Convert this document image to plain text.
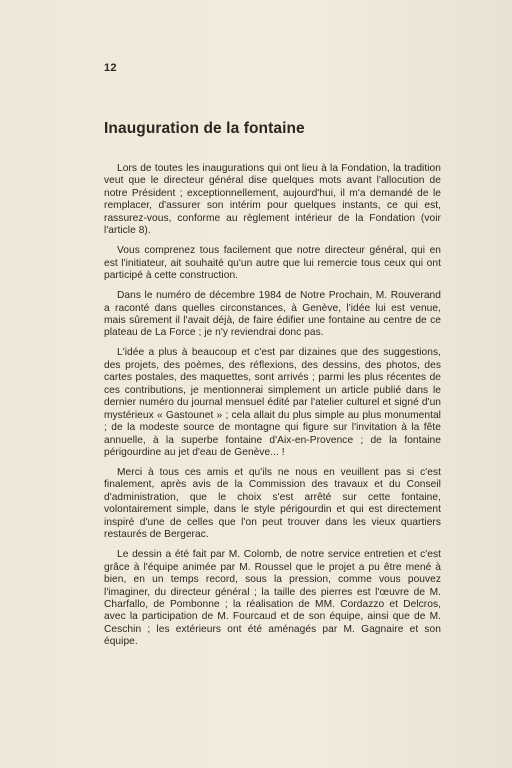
12
Inauguration de la fontaine

Lors de toutes les inaugurations qui ont lieu à la Fondation, la tradition veut que le directeur général dise quelques mots avant l'allocution de notre Président ; exceptionnellement, aujourd'hui, il m'a demandé de le remplacer, d'assurer son intérim pour quelques instants, ce qui est, rassurez-vous, conforme au règlement intérieur de la Fondation (voir l'article 8).

Vous comprenez tous facilement que notre directeur général, qui en est l'initiateur, ait souhaité qu'un autre que lui remercie tous ceux qui ont participé à cette construction.

Dans le numéro de décembre 1984 de Notre Prochain, M. Rouverand a raconté dans quelles circonstances, à Genève, l'idée lui est venue, mais sûrement il l'avait déjà, de faire édifier une fontaine au centre de ce plateau de La Force ; je n'y reviendrai donc pas.

L'idée a plus à beaucoup et c'est par dizaines que des suggestions, des projets, des poèmes, des réflexions, des dessins, des photos, des cartes postales, des maquettes, sont arrivés ; parmi les plus récentes de ces contributions, je mentionnerai simplement un article publié dans le dernier numéro du journal mensuel édité par l'atelier culturel et signé d'un mystérieux « Gastounet » ; cela allait du plus simple au plus monumental ; de la modeste source de montagne qui figure sur l'invitation à la fête annuelle, à la superbe fontaine d'Aix-en-Provence ; de la fontaine périgourdine au jet d'eau de Genève... !

Merci à tous ces amis et qu'ils ne nous en veuillent pas si c'est finalement, après avis de la Commission des travaux et du Conseil d'administration, que le choix s'est arrêté sur cette fontaine, volontairement simple, dans le style périgourdin et qui est directement inspiré d'une de celles que l'on peut trouver dans les vieux quartiers restaurés de Bergerac.

Le dessin a été fait par M. Colomb, de notre service entretien et c'est grâce à l'équipe animée par M. Roussel que le projet a pu être mené à bien, en un temps record, sous la pression, comme vous pouvez l'imaginer, du directeur général ; la taille des pierres est l'œuvre de M. Charfallo, de Pombonne ; la réalisation de MM. Cordazzo et Delcros, avec la participation de M. Fourcaud et de son équipe, ainsi que de M. Ceschin ; les extérieurs ont été aménagés par M. Gagnaire et son équipe.
